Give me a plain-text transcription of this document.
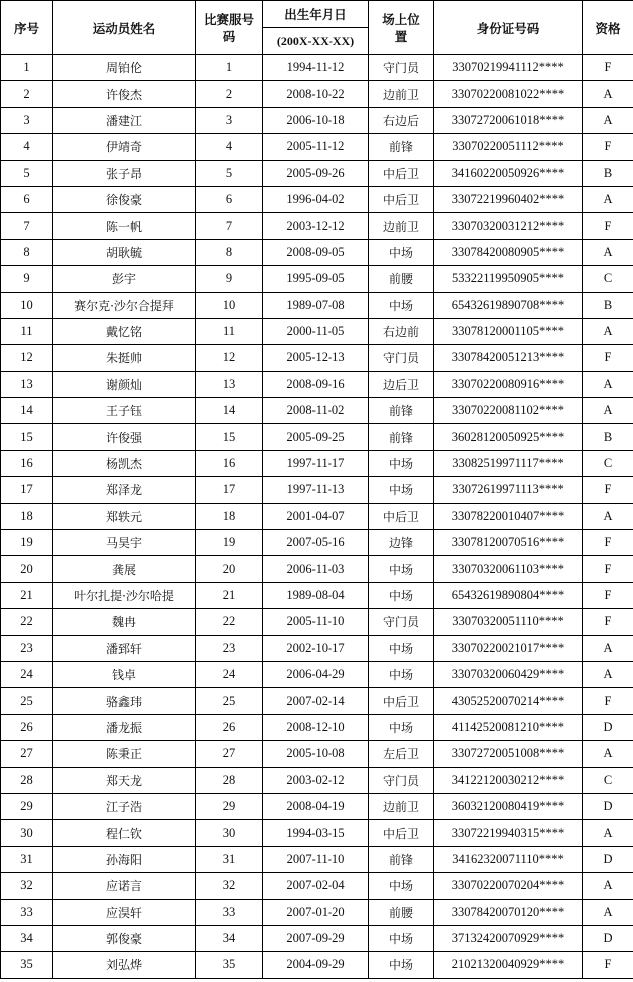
序号	运动员姓名	比赛服号码	出生年月日	场上位置	身份证号码	资格
			(200X-XX-XX)			
1	周铂伦	1	1994-11-12	守门员	33070219941112****	F
2	许俊杰	2	2008-10-22	边前卫	33070220081022****	A
3	潘建江	3	2006-10-18	右边后	33072720061018****	A
4	伊靖奇	4	2005-11-12	前锋	33070220051112****	F
5	张子昂	5	2005-09-26	中后卫	34160220050926****	B
6	徐俊豪	6	1996-04-02	中后卫	33072219960402****	A
7	陈一帆	7	2003-12-12	边前卫	33070320031212****	F
8	胡耿毓	8	2008-09-05	中场	33078420080905****	A
9	彭宇	9	1995-09-05	前腰	53322119950905****	C
10	赛尔克·沙尔合提拜	10	1989-07-08	中场	65432619890708****	B
11	戴忆铭	11	2000-11-05	右边前	33078120001105****	A
12	朱挺帅	12	2005-12-13	守门员	33078420051213****	F
13	谢颜灿	13	2008-09-16	边后卫	33070220080916****	A
14	王子钰	14	2008-11-02	前锋	33070220081102****	A
15	许俊强	15	2005-09-25	前锋	36028120050925****	B
16	杨凯杰	16	1997-11-17	中场	33082519971117****	C
17	郑泽龙	17	1997-11-13	中场	33072619971113****	F
18	郑轶元	18	2001-04-07	中后卫	33078220010407****	A
19	马昊宇	19	2007-05-16	边锋	33078120070516****	F
20	龚展	20	2006-11-03	中场	33070320061103****	F
21	叶尔扎提·沙尔哈提	21	1989-08-04	中场	65432619890804****	F
22	魏冉	22	2005-11-10	守门员	33070320051110****	F
23	潘郅轩	23	2002-10-17	中场	33070220021017****	A
24	钱卓	24	2006-04-29	中场	33070320060429****	A
25	骆鑫玮	25	2007-02-14	中后卫	43052520070214****	F
26	潘龙振	26	2008-12-10	中场	41142520081210****	D
27	陈秉正	27	2005-10-08	左后卫	33072720051008****	A
28	郑天龙	28	2003-02-12	守门员	34122120030212****	C
29	江子浩	29	2008-04-19	边前卫	36032120080419****	D
30	程仁钦	30	1994-03-15	中后卫	33072219940315****	A
31	孙海阳	31	2007-11-10	前锋	34162320071110****	D
32	应诺言	32	2007-02-04	中场	33070220070204****	A
33	应淏轩	33	2007-01-20	前腰	33078420070120****	A
34	郭俊豪	34	2007-09-29	中场	37132420070929****	D
35	刘弘烨	35	2004-09-29	中场	21021320040929****	F
